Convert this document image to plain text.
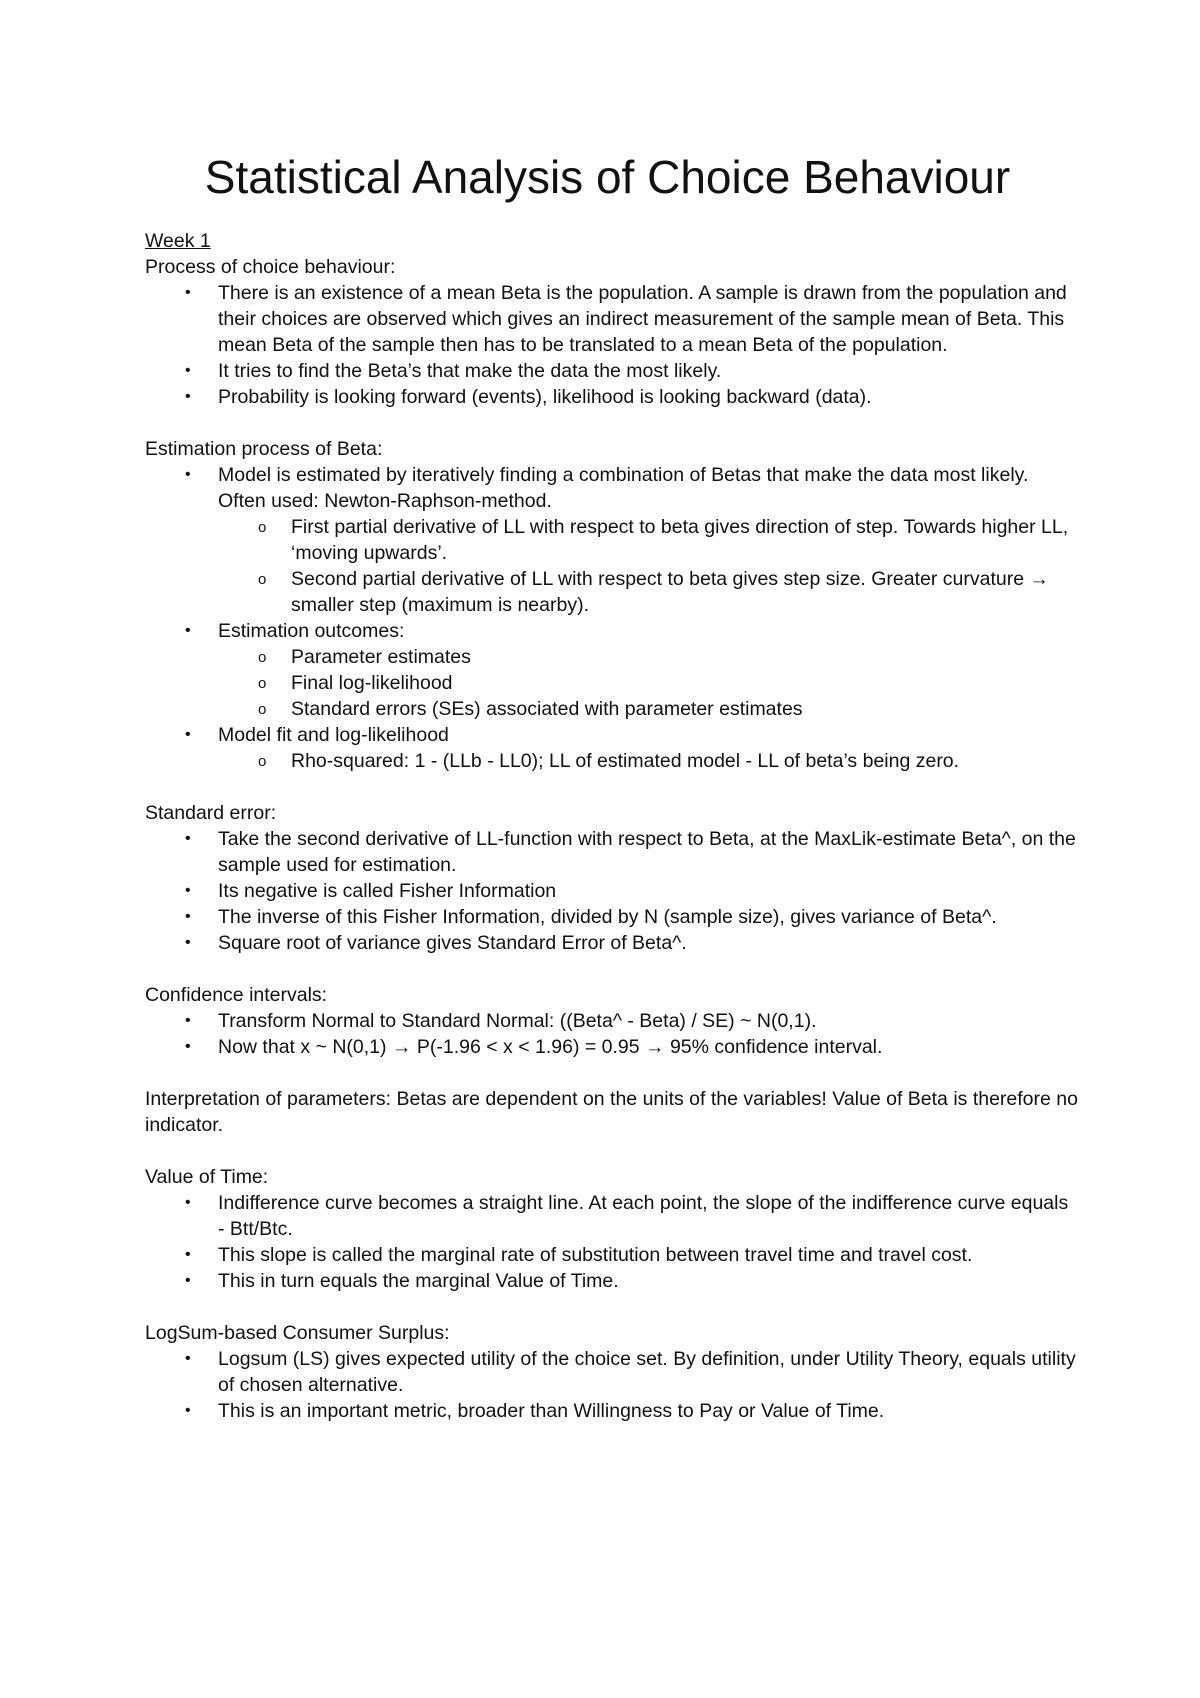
Statistical Analysis of Choice Behaviour

Week 1

Process of choice behaviour:

• There is an existence of a mean Beta is the population. A sample is drawn from the population and their choices are observed which gives an indirect measurement of the sample mean of Beta. This mean Beta of the sample then has to be translated to a mean Beta of the population.
• It tries to find the Beta’s that make the data the most likely.
• Probability is looking forward (events), likelihood is looking backward (data).

Estimation process of Beta:

• Model is estimated by iteratively finding a combination of Betas that make the data most likely. Often used: Newton-Raphson-method.
o First partial derivative of LL with respect to beta gives direction of step. Towards higher LL, ‘moving upwards’.
o Second partial derivative of LL with respect to beta gives step size. Greater curvature → smaller step (maximum is nearby).
• Estimation outcomes:
o Parameter estimates
o Final log-likelihood
o Standard errors (SEs) associated with parameter estimates
• Model fit and log-likelihood
o Rho-squared: 1 - (LLb - LL0); LL of estimated model - LL of beta’s being zero.

Standard error:

• Take the second derivative of LL-function with respect to Beta, at the MaxLik-estimate Beta^, on the sample used for estimation.
• Its negative is called Fisher Information
• The inverse of this Fisher Information, divided by N (sample size), gives variance of Beta^.
• Square root of variance gives Standard Error of Beta^.

Confidence intervals:

• Transform Normal to Standard Normal: ((Beta^ - Beta) / SE) ~ N(0,1).
• Now that x ~ N(0,1) → P(-1.96 < x < 1.96) = 0.95 → 95% confidence interval.

Interpretation of parameters: Betas are dependent on the units of the variables! Value of Beta is therefore no indicator.

Value of Time:

• Indifference curve becomes a straight line. At each point, the slope of the indifference curve equals - Btt/Btc.
• This slope is called the marginal rate of substitution between travel time and travel cost.
• This in turn equals the marginal Value of Time.

LogSum-based Consumer Surplus:

• Logsum (LS) gives expected utility of the choice set. By definition, under Utility Theory, equals utility of chosen alternative.
• This is an important metric, broader than Willingness to Pay or Value of Time.
